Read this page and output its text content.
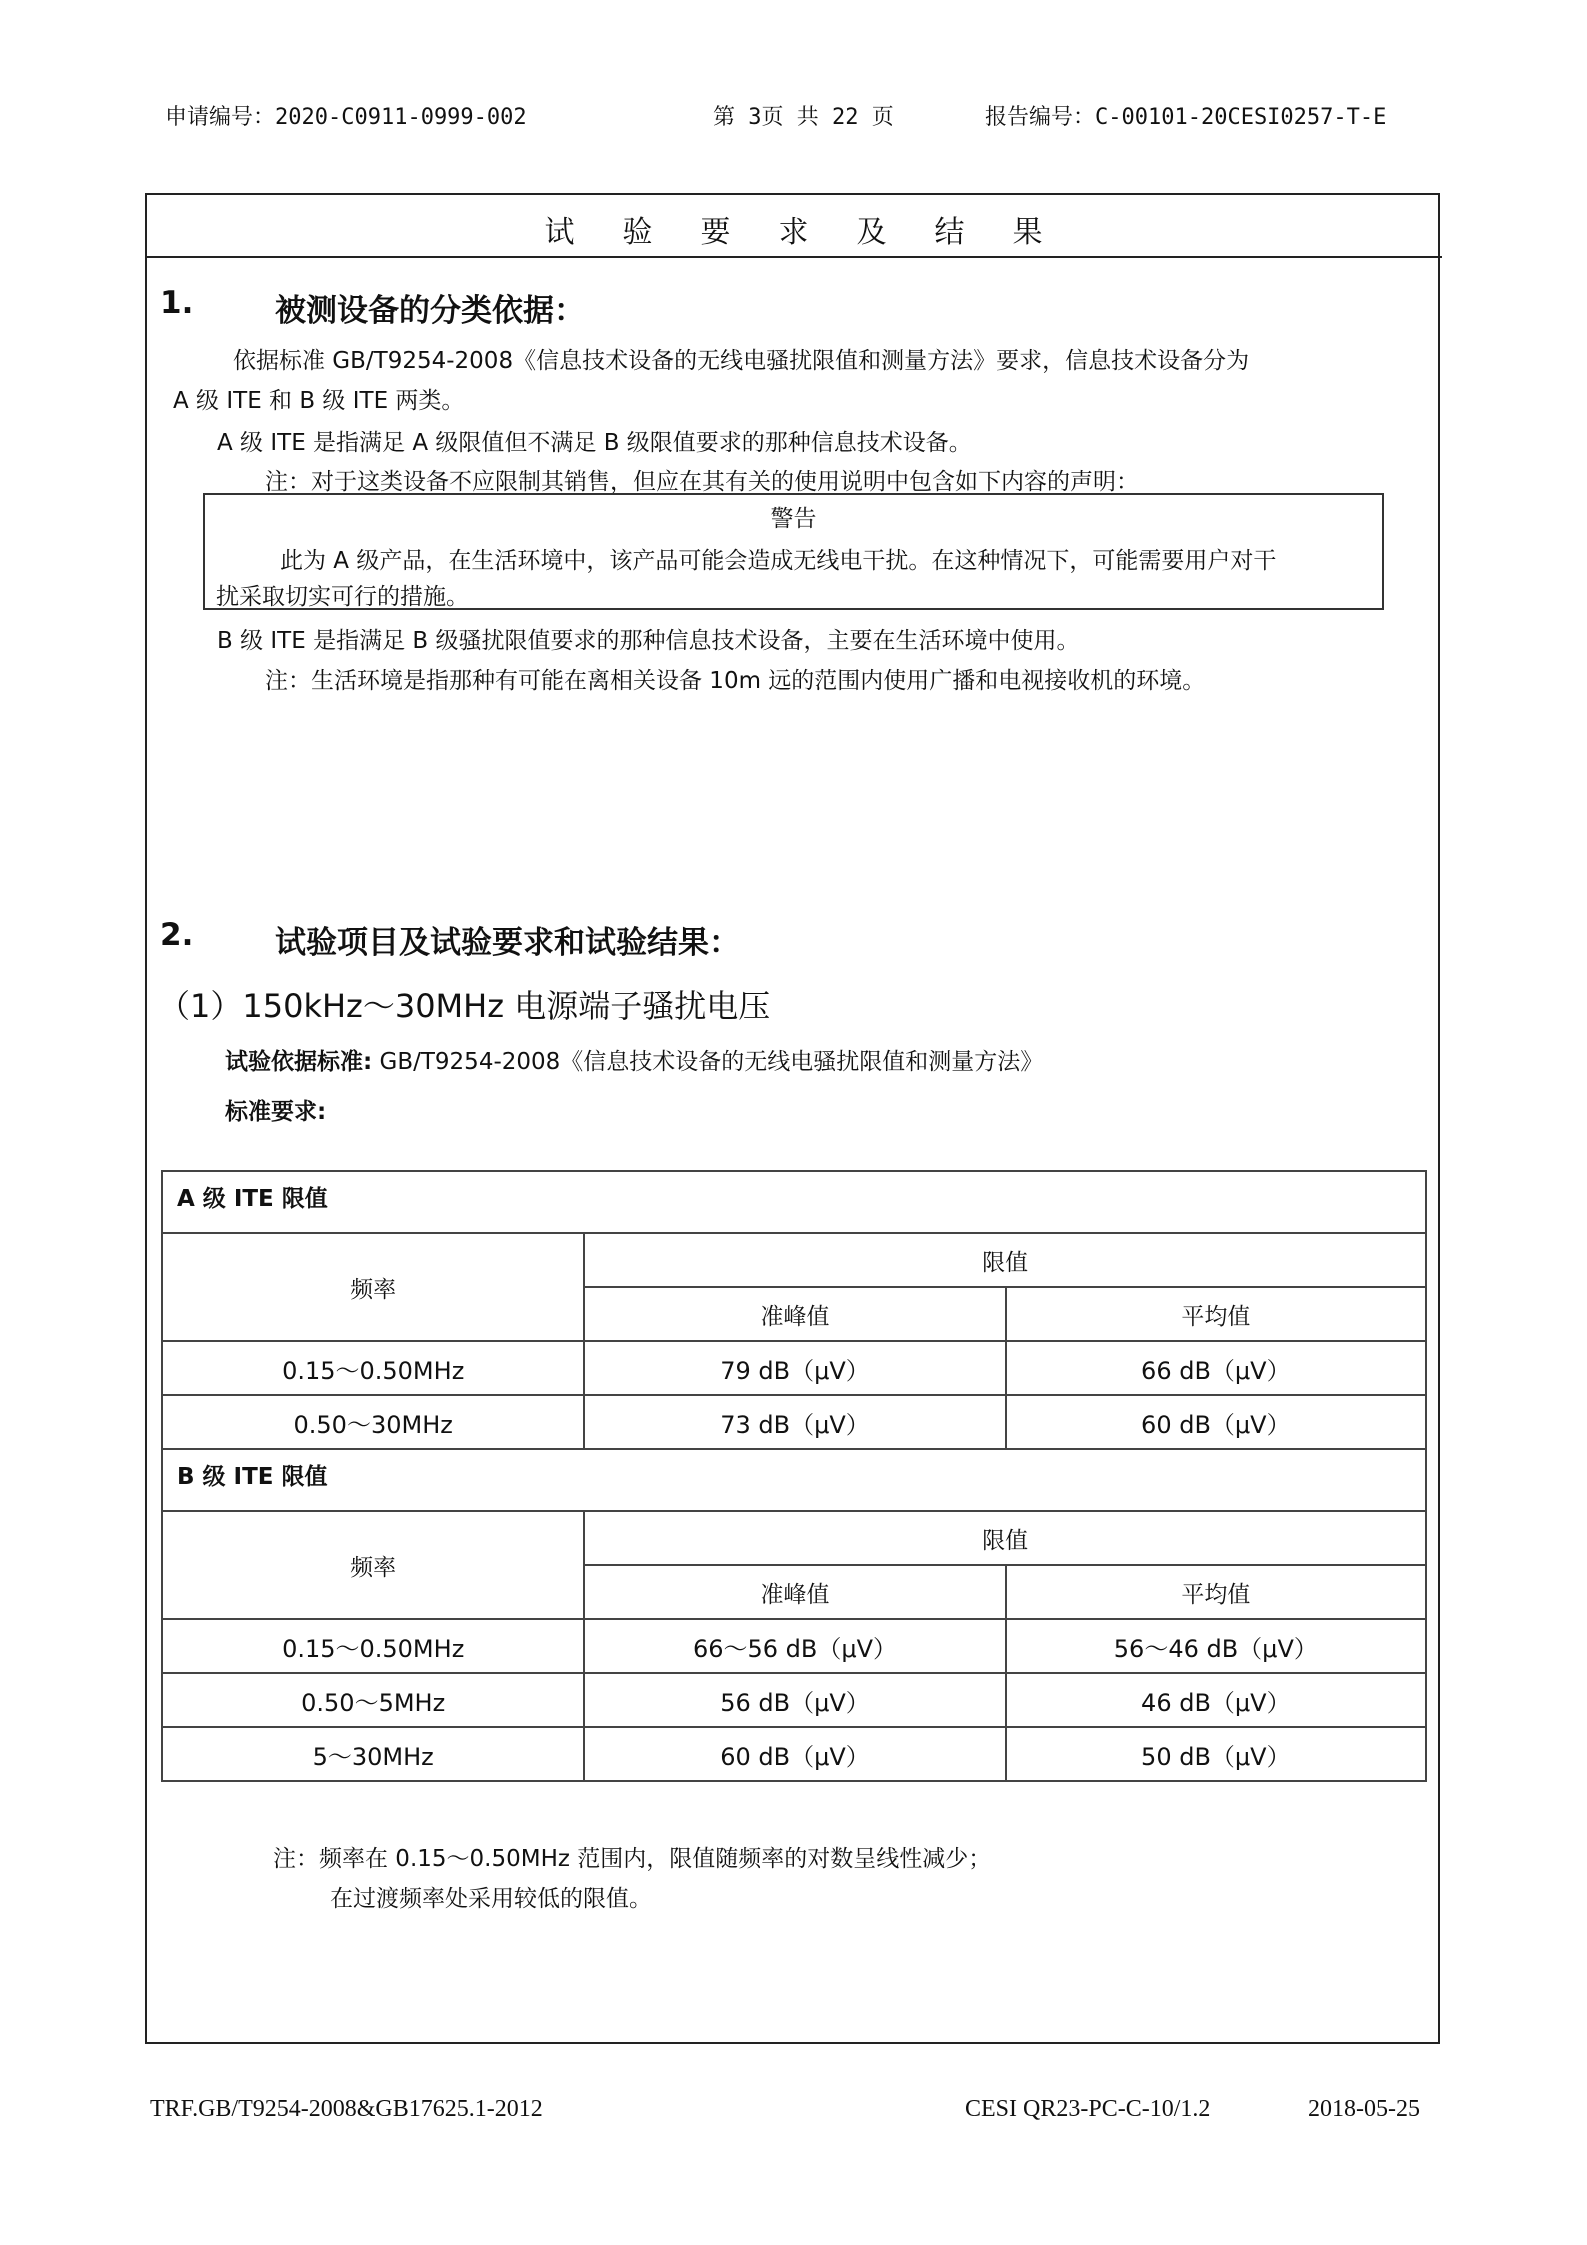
申请编号：2020-C0911-0999-002	第 3页 共 22 页	报告编号：C-00101-20CESI0257-T-E
试 验 要 求 及 结 果
1.	被测设备的分类依据：
依据标准 GB/T9254-2008《信息技术设备的无线电骚扰限值和测量方法》要求，信息技术设备分为
A 级 ITE 和 B 级 ITE 两类。
A 级 ITE 是指满足 A 级限值但不满足 B 级限值要求的那种信息技术设备。
注：对于这类设备不应限制其销售，但应在其有关的使用说明中包含如下内容的声明：
警告
此为 A 级产品，在生活环境中，该产品可能会造成无线电干扰。在这种情况下，可能需要用户对干
扰采取切实可行的措施。
B 级 ITE 是指满足 B 级骚扰限值要求的那种信息技术设备，主要在生活环境中使用。
注：生活环境是指那种有可能在离相关设备 10m 远的范围内使用广播和电视接收机的环境。
2.	试验项目及试验要求和试验结果：
（1）150kHz～30MHz 电源端子骚扰电压
试验依据标准: GB/T9254-2008《信息技术设备的无线电骚扰限值和测量方法》
标准要求:
A 级 ITE 限值		
频率	限值	
	准峰值	平均值
0.15～0.50MHz	79 dB（μV）	66 dB（μV）
0.50～30MHz	73 dB（μV）	60 dB（μV）
B 级 ITE 限值		
频率	限值	
	准峰值	平均值
0.15～0.50MHz	66～56 dB（μV）	56～46 dB（μV）
0.50～5MHz	56 dB（μV）	46 dB（μV）
5～30MHz	60 dB（μV）	50 dB（μV）
注：频率在 0.15～0.50MHz 范围内，限值随频率的对数呈线性减少；
在过渡频率处采用较低的限值。
TRF.GB/T9254-2008&GB17625.1-2012	CESI QR23-PC-C-10/1.2	2018-05-25
